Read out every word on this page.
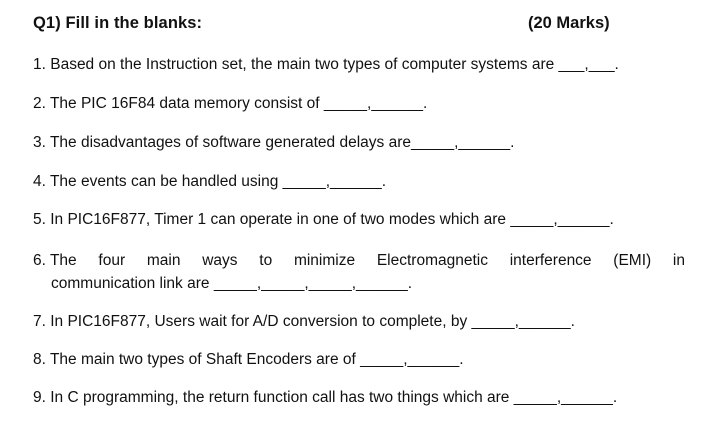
Q1) Fill in the blanks:	(20 Marks)
1. Based on the Instruction set, the main two types of computer systems are ___,___.
2. The PIC 16F84 data memory consist of _____,______.
3. The disadvantages of software generated delays are_____,______.
4. The events can be handled using _____,______.
5. In PIC16F877, Timer 1 can operate in one of two modes which are _____,______.
6. The four main ways to minimize Electromagnetic interference (EMI) in
communication link are _____,_____,_____,______.
7. In PIC16F877, Users wait for A/D conversion to complete, by _____,______.
8. The main two types of Shaft Encoders are of _____,______.
9. In C programming, the return function call has two things which are _____,______.
